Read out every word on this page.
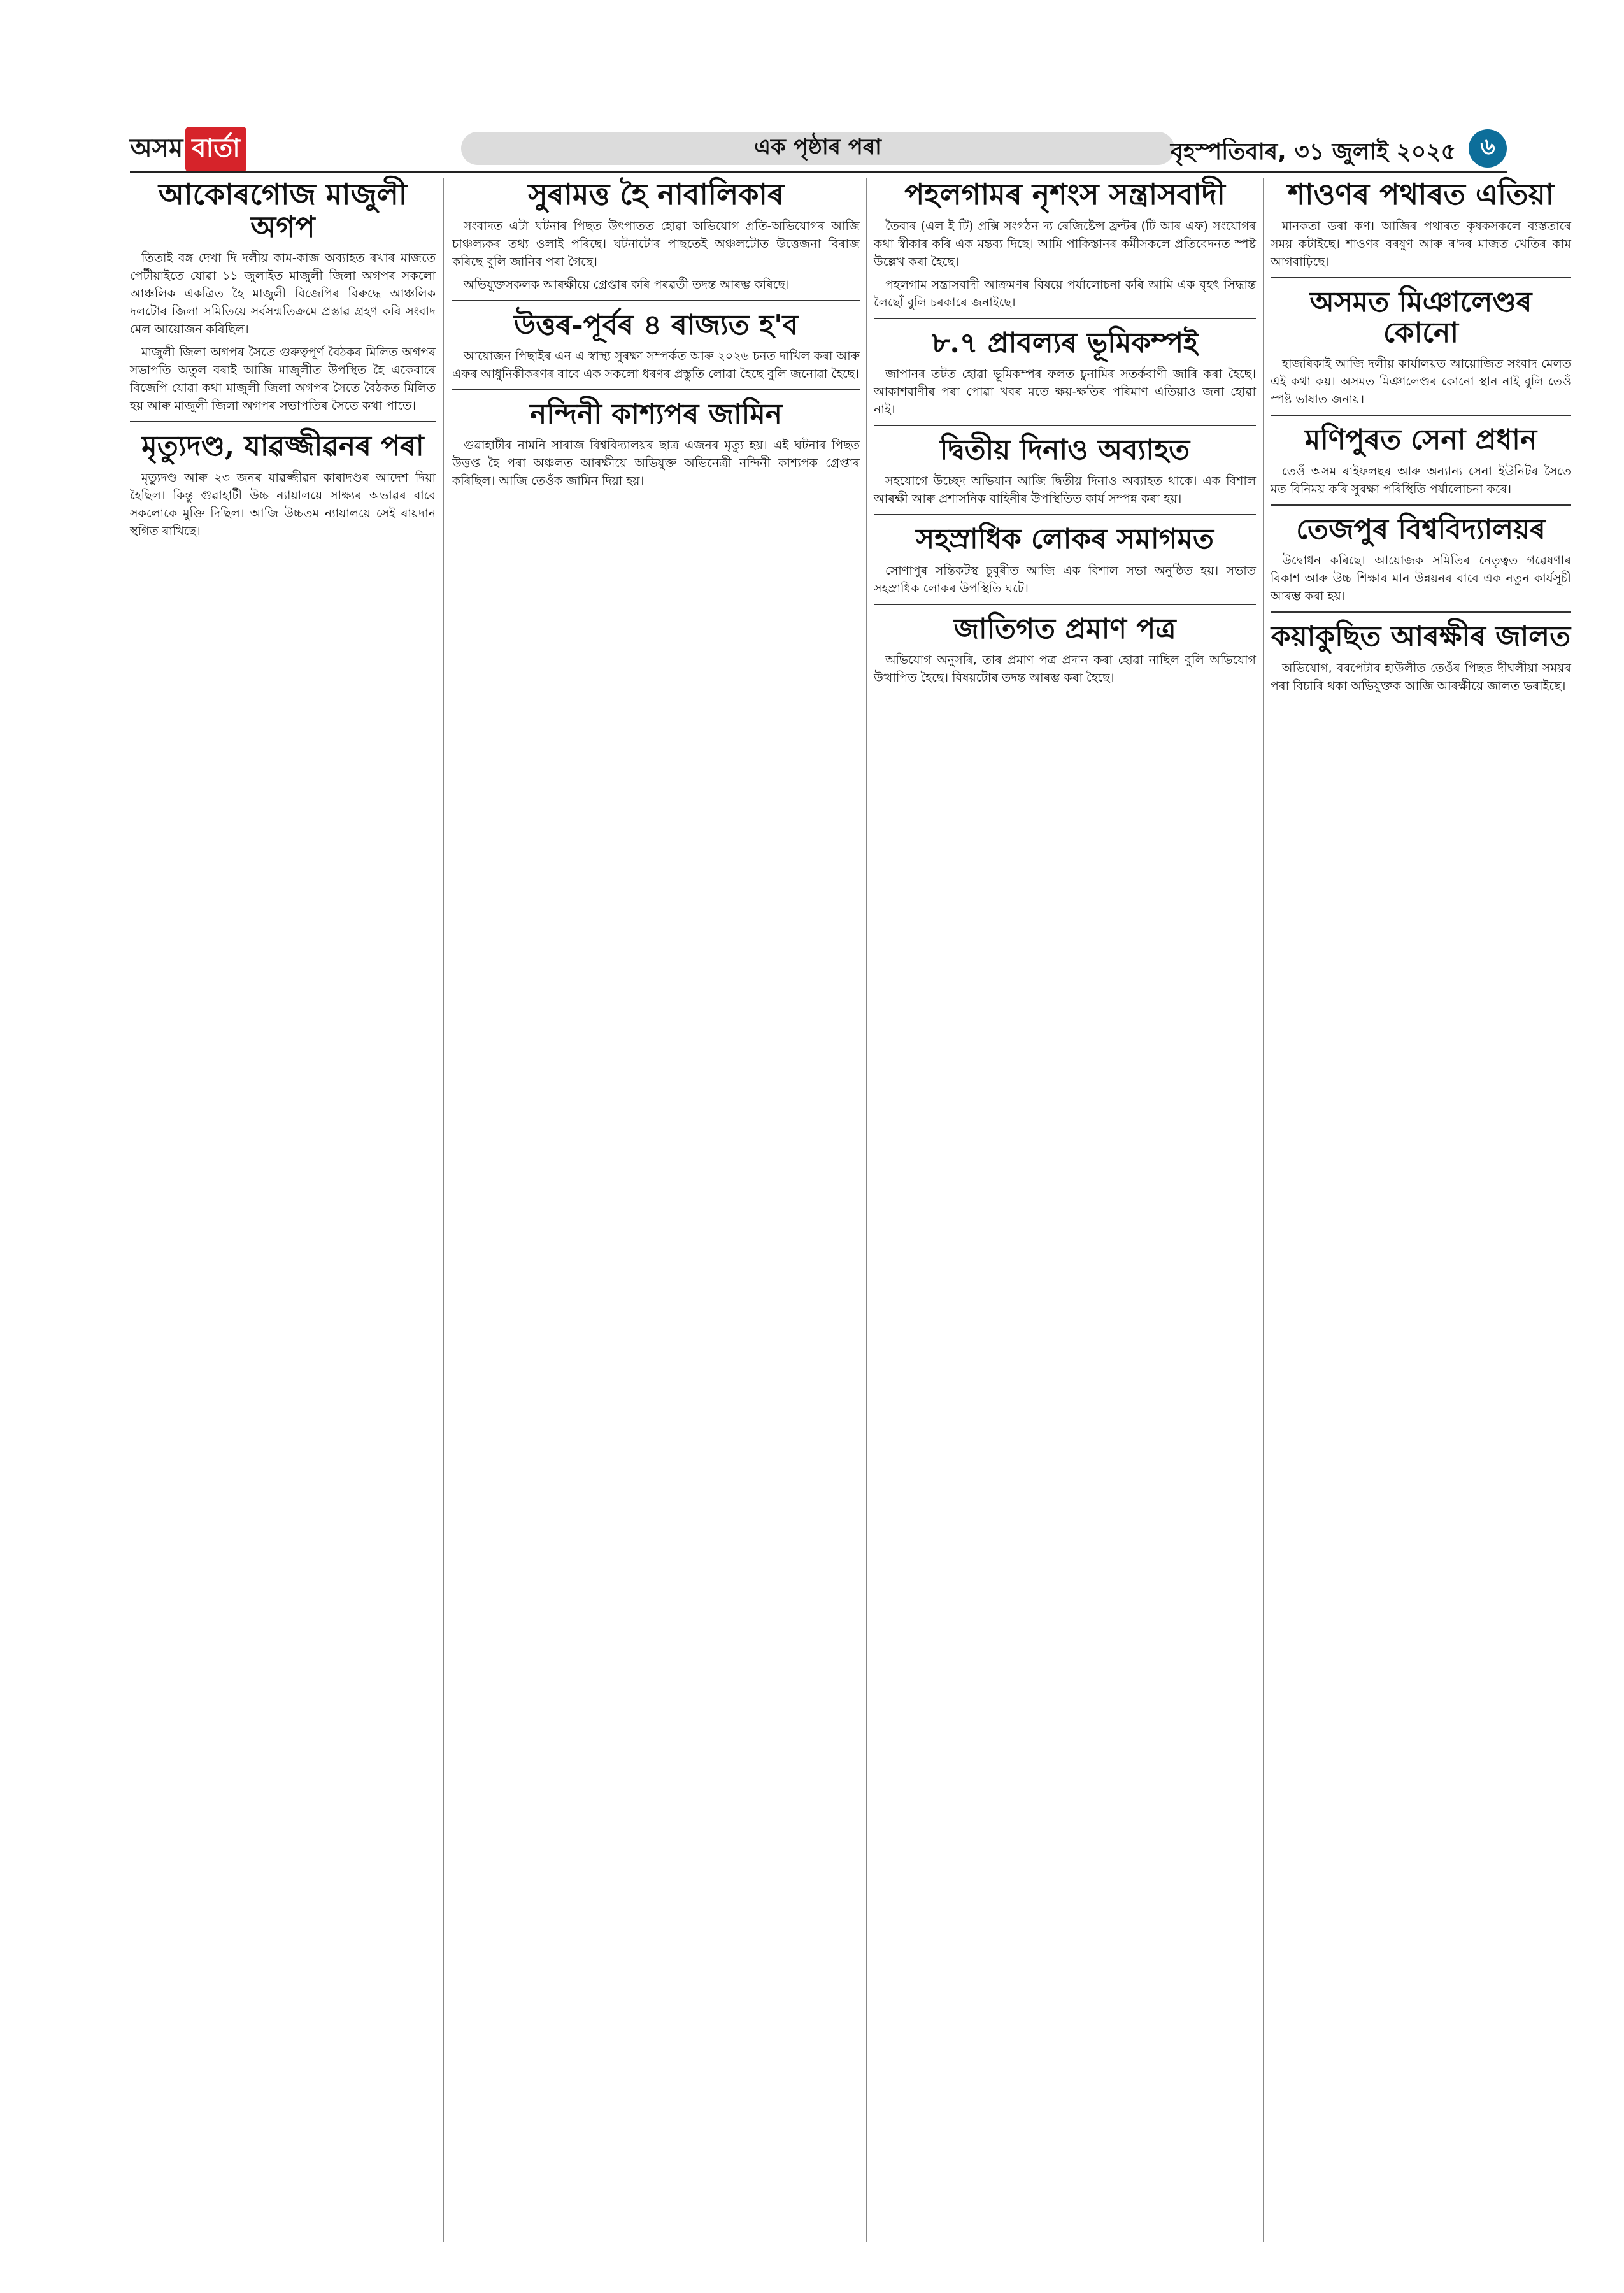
অসম বার্তা	এক পৃষ্ঠাৰ পৰা	বৃহস্পতিবাৰ, ৩১ জুলাই ২০২৫	৬
আকোৰগোজ মাজুলী অগপ

তিতাই বঙ্গ দেখা দি দলীয় কাম-কাজ অব্যাহত ৰখাৰ মাজতে পেৰ্টীয়াইতে যোৱা ১১ জুলাইত মাজুলী জিলা অগপৰ সকলো আঞ্চলিক একত্ৰিত হৈ মাজুলী বিজেপিৰ বিৰুদ্ধে আঞ্চলিক দলটোৰ জিলা সমিতিয়ে সৰ্বসন্মতিক্ৰমে প্ৰস্তাৱ গ্ৰহণ কৰি সংবাদ মেল আয়োজন কৰিছিল।

মাজুলী জিলা অগপৰ সৈতে গুৰুত্বপূৰ্ণ বৈঠকৰ মিলিত অগপৰ সভাপতি অতুল বৰাই আজি মাজুলীত উপস্থিত হৈ একেবাৰে বিজেপি যোৱা কথা মাজুলী জিলা অগপৰ সৈতে বৈঠকত মিলিত হয় আৰু মাজুলী জিলা অগপৰ সভাপতিৰ সৈতে কথা পাতে।

মৃত্যুদণ্ড, যাৱজ্জীৱনৰ পৰা

মৃত্যুদণ্ড আৰু ২৩ জনৰ যাৱজ্জীৱন কাৰাদণ্ডৰ আদেশ দিয়া হৈছিল। কিন্তু গুৱাহাটী উচ্চ ন্যায়ালয়ে সাক্ষ্যৰ অভাৱৰ বাবে সকলোকে মুক্তি দিছিল। আজি উচ্চতম ন্যায়ালয়ে সেই ৰায়দান স্থগিত ৰাখিছে।

সুৰামত্ত হৈ নাবালিকাৰ

সংবাদত এটা ঘটনাৰ পিছত উৎপাতত হোৱা অভিযোগ প্ৰতি-অভিযোগৰ আজি চাঞ্চল্যকৰ তথ্য ওলাই পৰিছে। ঘটনাটোৰ পাছতেই অঞ্চলটোত উত্তেজনা বিৰাজ কৰিছে বুলি জানিব পৰা গৈছে।

অভিযুক্তসকলক আৰক্ষীয়ে গ্ৰেপ্তাৰ কৰি পৰৱৰ্তী তদন্ত আৰম্ভ কৰিছে।

উত্তৰ-পূৰ্বৰ ৪ ৰাজ্যত হ'ব

আয়োজন পিছাইৰ এন এ স্বাস্থ্য সুৰক্ষা সম্পৰ্কত আৰু ২০২৬ চনত দাখিল কৰা আৰু এফৰ আধুনিকীকৰণৰ বাবে এক সকলো ধৰণৰ প্ৰস্তুতি লোৱা হৈছে বুলি জনোৱা হৈছে।

নন্দিনী কাশ্যপৰ জামিন

গুৱাহাটীৰ নামনি সাৰাজ বিশ্ববিদ্যালয়ৰ ছাত্ৰ এজনৰ মৃত্যু হয়। এই ঘটনাৰ পিছত উত্তপ্ত হৈ পৰা অঞ্চলত আৰক্ষীয়ে অভিযুক্ত অভিনেত্ৰী নন্দিনী কাশ্যপক গ্ৰেপ্তাৰ কৰিছিল। আজি তেওঁক জামিন দিয়া হয়।

পহলগামৰ নৃশংস সন্ত্ৰাসবাদী

তৈবাৰ (এল ই টি) প্ৰক্সি সংগঠন দ্য ৰেজিষ্টেন্স ফ্ৰন্টৰ (টি আৰ এফ) সংযোগৰ কথা স্বীকাৰ কৰি এক মন্তব্য দিছে। আমি পাকিস্তানৰ কৰ্মীসকলে প্ৰতিবেদনত স্পষ্ট উল্লেখ কৰা হৈছে।

পহলগাম সন্ত্ৰাসবাদী আক্ৰমণৰ বিষয়ে পৰ্যালোচনা কৰি আমি এক বৃহৎ সিদ্ধান্ত লৈছোঁ বুলি চৰকাৰে জনাইছে।

৮.৭ প্ৰাবল্যৰ ভূমিকম্পই

জাপানৰ তটত হোৱা ভূমিকম্পৰ ফলত চুনামিৰ সতৰ্কবাণী জাৰি কৰা হৈছে। আকাশবাণীৰ পৰা পোৱা খবৰ মতে ক্ষয়-ক্ষতিৰ পৰিমাণ এতিয়াও জনা হোৱা নাই।

দ্বিতীয় দিনাও অব্যাহত

সহযোগে উচ্ছেদ অভিযান আজি দ্বিতীয় দিনাও অব্যাহত থাকে। এক বিশাল আৰক্ষী আৰু প্ৰশাসনিক বাহিনীৰ উপস্থিতিত কাৰ্য সম্পন্ন কৰা হয়।

সহস্ৰাধিক লোকৰ সমাগমত

সোণাপুৰ সন্তিকটস্থ চুবুৰীত আজি এক বিশাল সভা অনুষ্ঠিত হয়। সভাত সহস্ৰাধিক লোকৰ উপস্থিতি ঘটে।

জাতিগত প্ৰমাণ পত্ৰ

অভিযোগ অনুসৰি, তাৰ প্ৰমাণ পত্ৰ প্ৰদান কৰা হোৱা নাছিল বুলি অভিযোগ উত্থাপিত হৈছে। বিষয়টোৰ তদন্ত আৰম্ভ কৰা হৈছে।

শাওণৰ পথাৰত এতিয়া

মানকতা ডৰা কণ। আজিৰ পথাৰত কৃষকসকলে ব্যস্ততাৰে সময় কটাইছে। শাওণৰ বৰষুণ আৰু ৰ'দৰ মাজত খেতিৰ কাম আগবাঢ়িছে।

অসমত মিঞালেণ্ডৰ কোনো

হাজৰিকাই আজি দলীয় কাৰ্যালয়ত আয়োজিত সংবাদ মেলত এই কথা কয়। অসমত মিঞালেণ্ডৰ কোনো স্থান নাই বুলি তেওঁ স্পষ্ট ভাষাত জনায়।

মণিপুৰত সেনা প্ৰধান

তেওঁ অসম ৰাইফলছৰ আৰু অন্যান্য সেনা ইউনিটৰ সৈতে মত বিনিময় কৰি সুৰক্ষা পৰিস্থিতি পৰ্যালোচনা কৰে।

তেজপুৰ বিশ্ববিদ্যালয়ৰ

উদ্বোধন কৰিছে। আয়োজক সমিতিৰ নেতৃত্বত গৱেষণাৰ বিকাশ আৰু উচ্চ শিক্ষাৰ মান উন্নয়নৰ বাবে এক নতুন কাৰ্যসূচী আৰম্ভ কৰা হয়।

কয়াকুছিত আৰক্ষীৰ জালত

অভিযোগ, বৰপেটাৰ হাউলীত তেওঁৰ পিছত দীঘলীয়া সময়ৰ পৰা বিচাৰি থকা অভিযুক্তক আজি আৰক্ষীয়ে জালত ভৰাইছে।
